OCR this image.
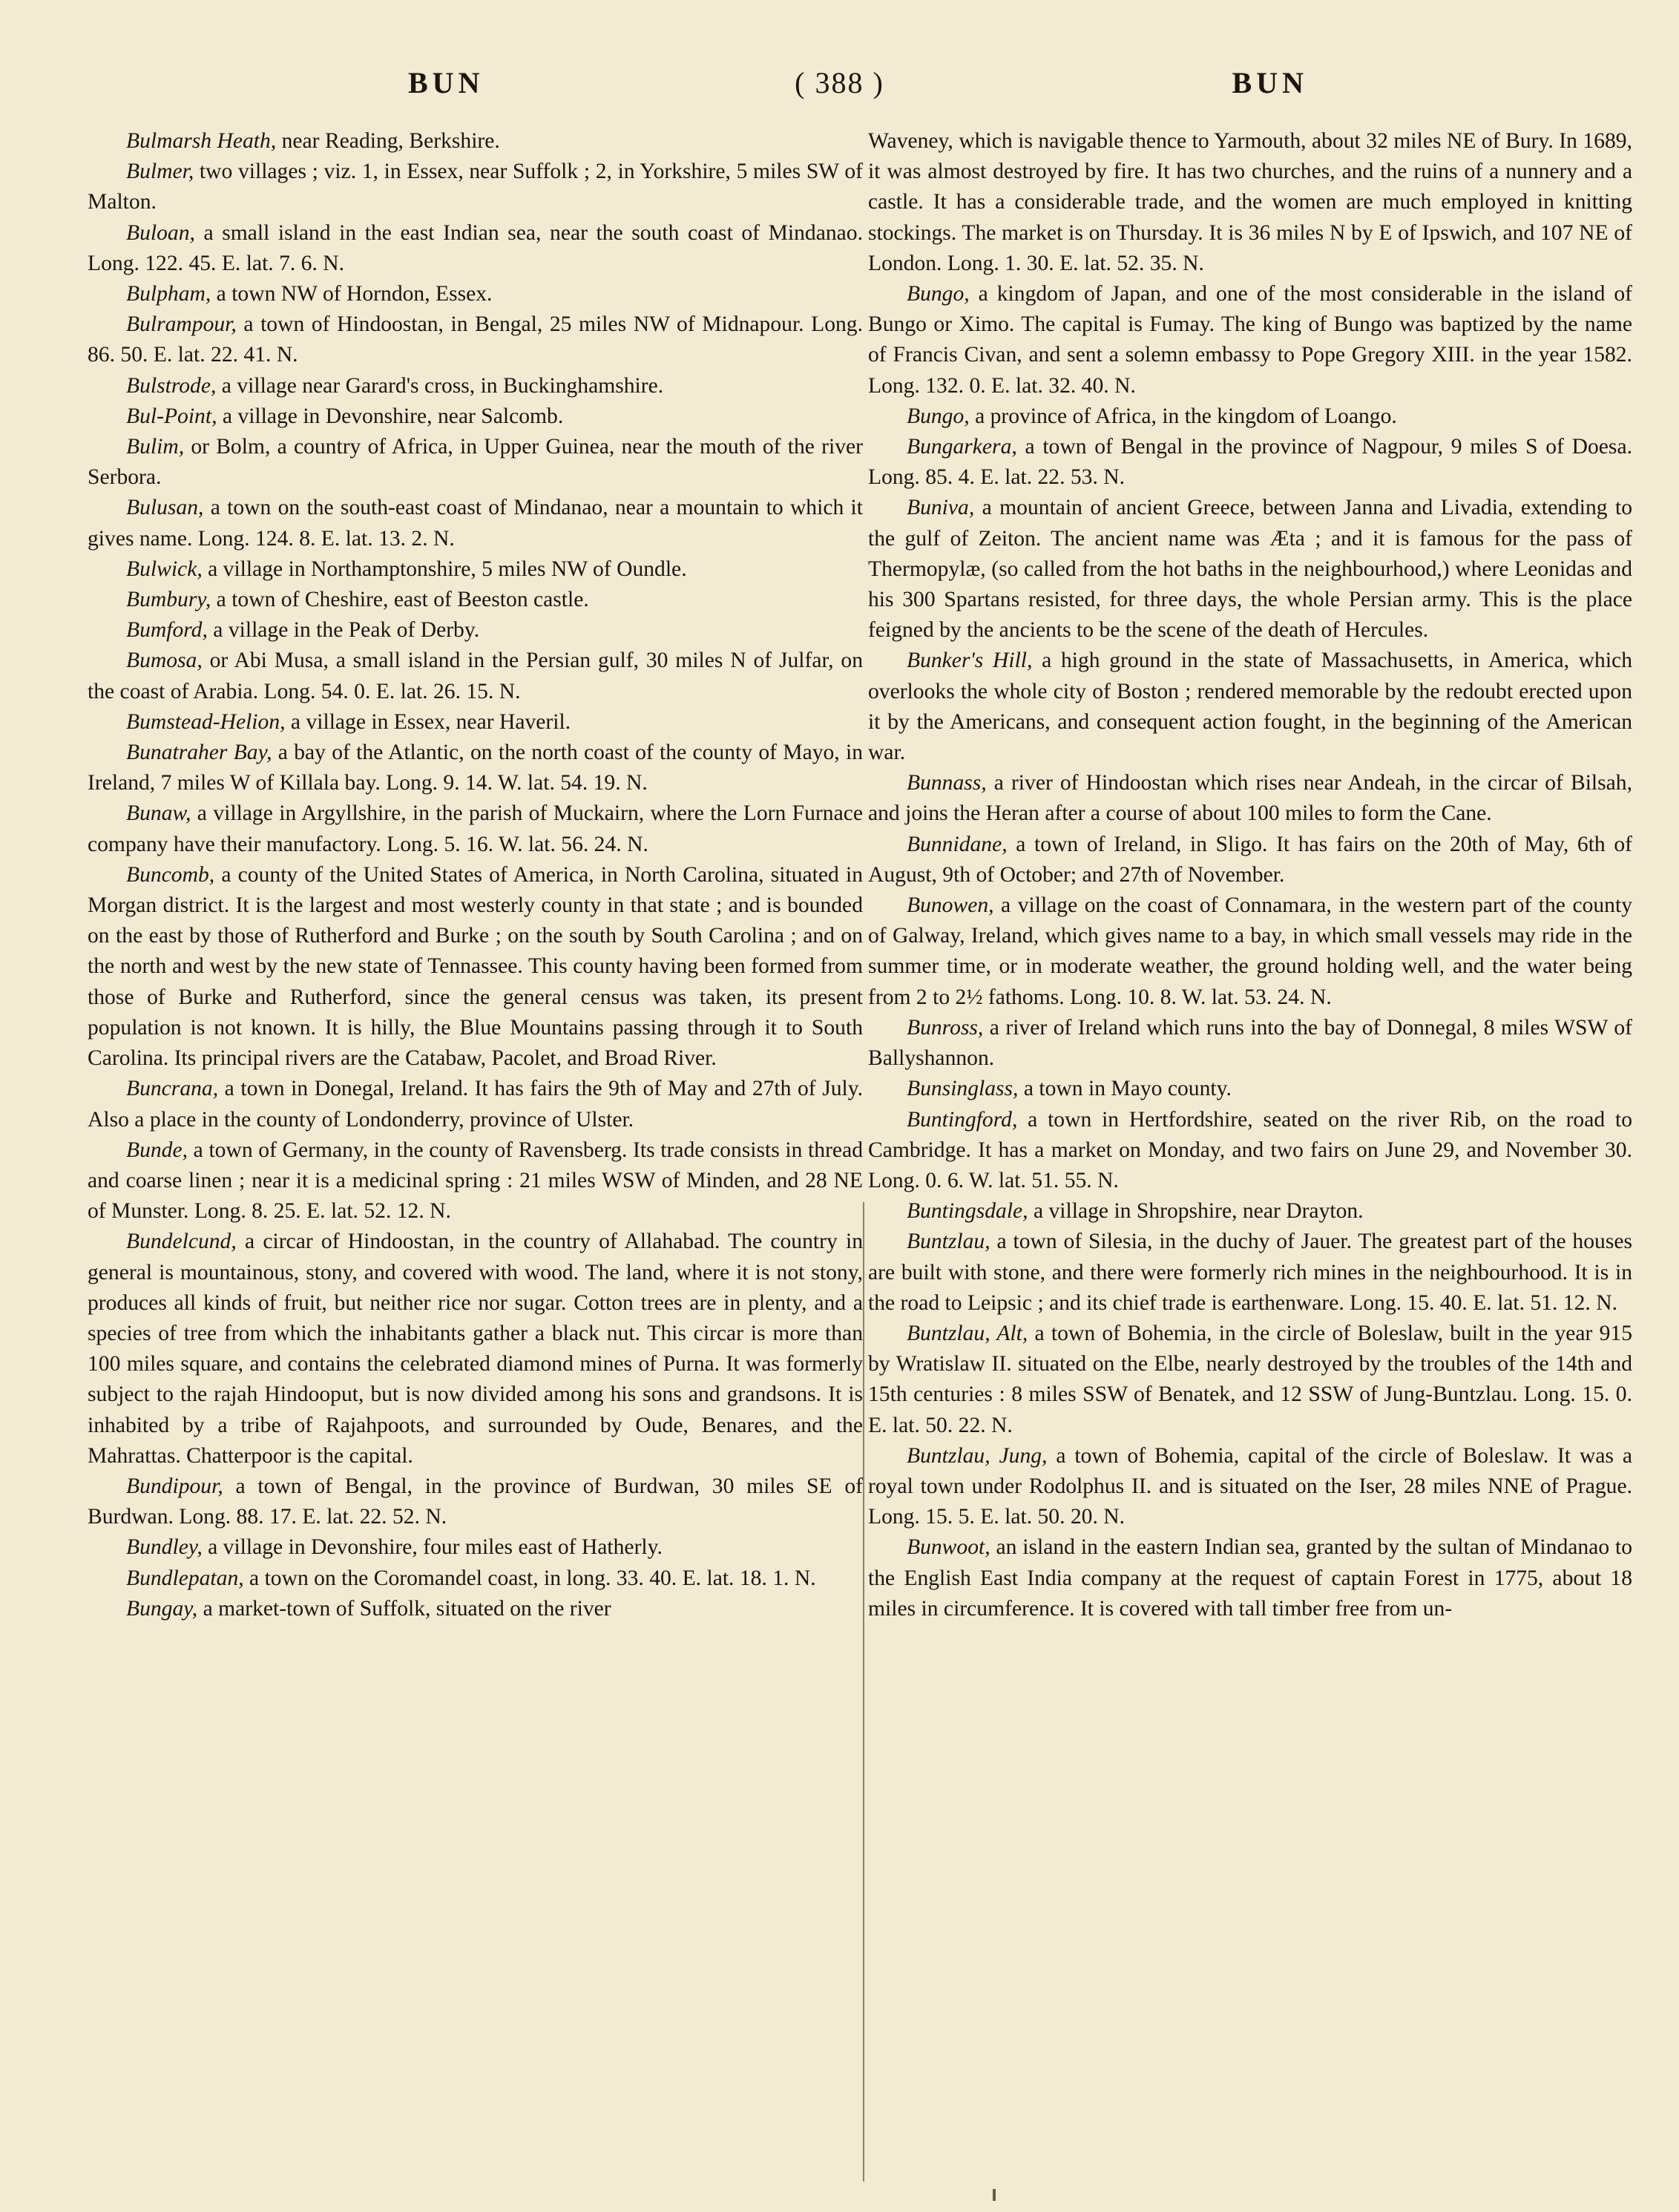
BUN	( 388 )	BUN

Bulmarsh Heath, near Reading, Berkshire.

Bulmer, two villages ; viz. 1, in Essex, near Suffolk ; 2, in Yorkshire, 5 miles SW of Malton.

Buloan, a small island in the east Indian sea, near the south coast of Mindanao. Long. 122. 45. E. lat. 7. 6. N.

Bulpham, a town NW of Horndon, Essex.

Bulrampour, a town of Hindoostan, in Bengal, 25 miles NW of Midnapour. Long. 86. 50. E. lat. 22. 41. N.

Bulstrode, a village near Garard's cross, in Buckinghamshire.

Bul-Point, a village in Devonshire, near Salcomb.

Bulim, or Bolm, a country of Africa, in Upper Guinea, near the mouth of the river Serbora.

Bulusan, a town on the south-east coast of Mindanao, near a mountain to which it gives name. Long. 124. 8. E. lat. 13. 2. N.

Bulwick, a village in Northamptonshire, 5 miles NW of Oundle.

Bumbury, a town of Cheshire, east of Beeston castle.

Bumford, a village in the Peak of Derby.

Bumosa, or Abi Musa, a small island in the Persian gulf, 30 miles N of Julfar, on the coast of Arabia. Long. 54. 0. E. lat. 26. 15. N.

Bumstead-Helion, a village in Essex, near Haveril.

Bunatraher Bay, a bay of the Atlantic, on the north coast of the county of Mayo, in Ireland, 7 miles W of Killala bay. Long. 9. 14. W. lat. 54. 19. N.

Bunaw, a village in Argyllshire, in the parish of Muckairn, where the Lorn Furnace company have their manufactory. Long. 5. 16. W. lat. 56. 24. N.

Buncomb, a county of the United States of America, in North Carolina, situated in Morgan district. It is the largest and most westerly county in that state ; and is bounded on the east by those of Rutherford and Burke ; on the south by South Carolina ; and on the north and west by the new state of Tennassee. This county having been formed from those of Burke and Rutherford, since the general census was taken, its present population is not known. It is hilly, the Blue Mountains passing through it to South Carolina. Its principal rivers are the Catabaw, Pacolet, and Broad River.

Buncrana, a town in Donegal, Ireland. It has fairs the 9th of May and 27th of July. Also a place in the county of Londonderry, province of Ulster.

Bunde, a town of Germany, in the county of Ravensberg. Its trade consists in thread and coarse linen ; near it is a medicinal spring : 21 miles WSW of Minden, and 28 NE of Munster. Long. 8. 25. E. lat. 52. 12. N.

Bundelcund, a circar of Hindoostan, in the country of Allahabad. The country in general is mountainous, stony, and covered with wood. The land, where it is not stony, produces all kinds of fruit, but neither rice nor sugar. Cotton trees are in plenty, and a species of tree from which the inhabitants gather a black nut. This circar is more than 100 miles square, and contains the celebrated diamond mines of Purna. It was formerly subject to the rajah Hindooput, but is now divided among his sons and grandsons. It is inhabited by a tribe of Rajahpoots, and surrounded by Oude, Benares, and the Mahrattas. Chatterpoor is the capital.

Bundipour, a town of Bengal, in the province of Burdwan, 30 miles SE of Burdwan. Long. 88. 17. E. lat. 22. 52. N.

Bundley, a village in Devonshire, four miles east of Hatherly.

Bundlepatan, a town on the Coromandel coast, in long. 33. 40. E. lat. 18. 1. N.

Bungay, a market-town of Suffolk, situated on the river

Waveney, which is navigable thence to Yarmouth, about 32 miles NE of Bury. In 1689, it was almost destroyed by fire. It has two churches, and the ruins of a nunnery and a castle. It has a considerable trade, and the women are much employed in knitting stockings. The market is on Thursday. It is 36 miles N by E of Ipswich, and 107 NE of London. Long. 1. 30. E. lat. 52. 35. N.

Bungo, a kingdom of Japan, and one of the most considerable in the island of Bungo or Ximo. The capital is Fumay. The king of Bungo was baptized by the name of Francis Civan, and sent a solemn embassy to Pope Gregory XIII. in the year 1582. Long. 132. 0. E. lat. 32. 40. N.

Bungo, a province of Africa, in the kingdom of Loango.

Bungarkera, a town of Bengal in the province of Nagpour, 9 miles S of Doesa. Long. 85. 4. E. lat. 22. 53. N.

Buniva, a mountain of ancient Greece, between Janna and Livadia, extending to the gulf of Zeiton. The ancient name was Æta ; and it is famous for the pass of Thermopylæ, (so called from the hot baths in the neighbourhood,) where Leonidas and his 300 Spartans resisted, for three days, the whole Persian army. This is the place feigned by the ancients to be the scene of the death of Hercules.

Bunker's Hill, a high ground in the state of Massachusetts, in America, which overlooks the whole city of Boston ; rendered memorable by the redoubt erected upon it by the Americans, and consequent action fought, in the beginning of the American war.

Bunnass, a river of Hindoostan which rises near Andeah, in the circar of Bilsah, and joins the Heran after a course of about 100 miles to form the Cane.

Bunnidane, a town of Ireland, in Sligo. It has fairs on the 20th of May, 6th of August, 9th of October; and 27th of November.

Bunowen, a village on the coast of Connamara, in the western part of the county of Galway, Ireland, which gives name to a bay, in which small vessels may ride in the summer time, or in moderate weather, the ground holding well, and the water being from 2 to 2½ fathoms. Long. 10. 8. W. lat. 53. 24. N.

Bunross, a river of Ireland which runs into the bay of Donnegal, 8 miles WSW of Ballyshannon.

Bunsinglass, a town in Mayo county.

Buntingford, a town in Hertfordshire, seated on the river Rib, on the road to Cambridge. It has a market on Monday, and two fairs on June 29, and November 30. Long. 0. 6. W. lat. 51. 55. N.

Buntingsdale, a village in Shropshire, near Drayton.

Buntzlau, a town of Silesia, in the duchy of Jauer. The greatest part of the houses are built with stone, and there were formerly rich mines in the neighbourhood. It is in the road to Leipsic ; and its chief trade is earthenware. Long. 15. 40. E. lat. 51. 12. N.

Buntzlau, Alt, a town of Bohemia, in the circle of Boleslaw, built in the year 915 by Wratislaw II. situated on the Elbe, nearly destroyed by the troubles of the 14th and 15th centuries : 8 miles SSW of Benatek, and 12 SSW of Jung-Buntzlau. Long. 15. 0. E. lat. 50. 22. N.

Buntzlau, Jung, a town of Bohemia, capital of the circle of Boleslaw. It was a royal town under Rodolphus II. and is situated on the Iser, 28 miles NNE of Prague. Long. 15. 5. E. lat. 50. 20. N.

Bunwoot, an island in the eastern Indian sea, granted by the sultan of Mindanao to the English East India company at the request of captain Forest in 1775, about 18 miles in circumference. It is covered with tall timber free from un-
